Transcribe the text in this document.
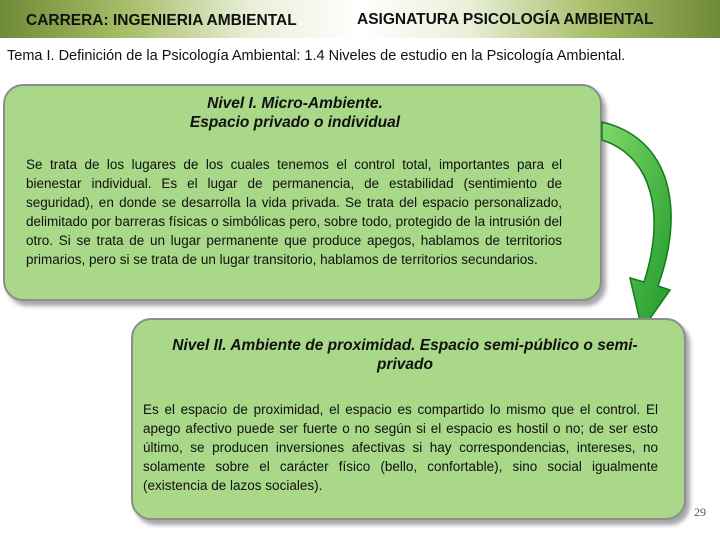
CARRERA: INGENIERIA AMBIENTAL	ASIGNATURA PSICOLOGÍA AMBIENTAL
Tema I. Definición de la Psicología Ambiental: 1.4 Niveles de estudio en la Psicología Ambiental.
Nivel I. Micro-Ambiente.
Espacio privado o individual
Se trata de los lugares de los cuales tenemos el control total, importantes para el bienestar individual. Es el lugar de permanencia, de estabilidad (sentimiento de seguridad), en donde se desarrolla la vida privada. Se trata del espacio personalizado, delimitado por barreras físicas o simbólicas pero, sobre todo, protegido de la intrusión del otro. Si se trata de un lugar permanente que produce apegos, hablamos de territorios primarios, pero si se trata de un lugar transitorio, hablamos de territorios secundarios.
Nivel II. Ambiente de proximidad. Espacio semi-público o semi-privado
Es el espacio de proximidad, el espacio es compartido lo mismo que el control. El apego afectivo puede ser fuerte o no según si el espacio es hostil o no; de ser esto último, se producen inversiones afectivas si hay correspondencias, intereses, no solamente sobre el carácter físico (bello, confortable), sino social igualmente (existencia de lazos sociales).
29
